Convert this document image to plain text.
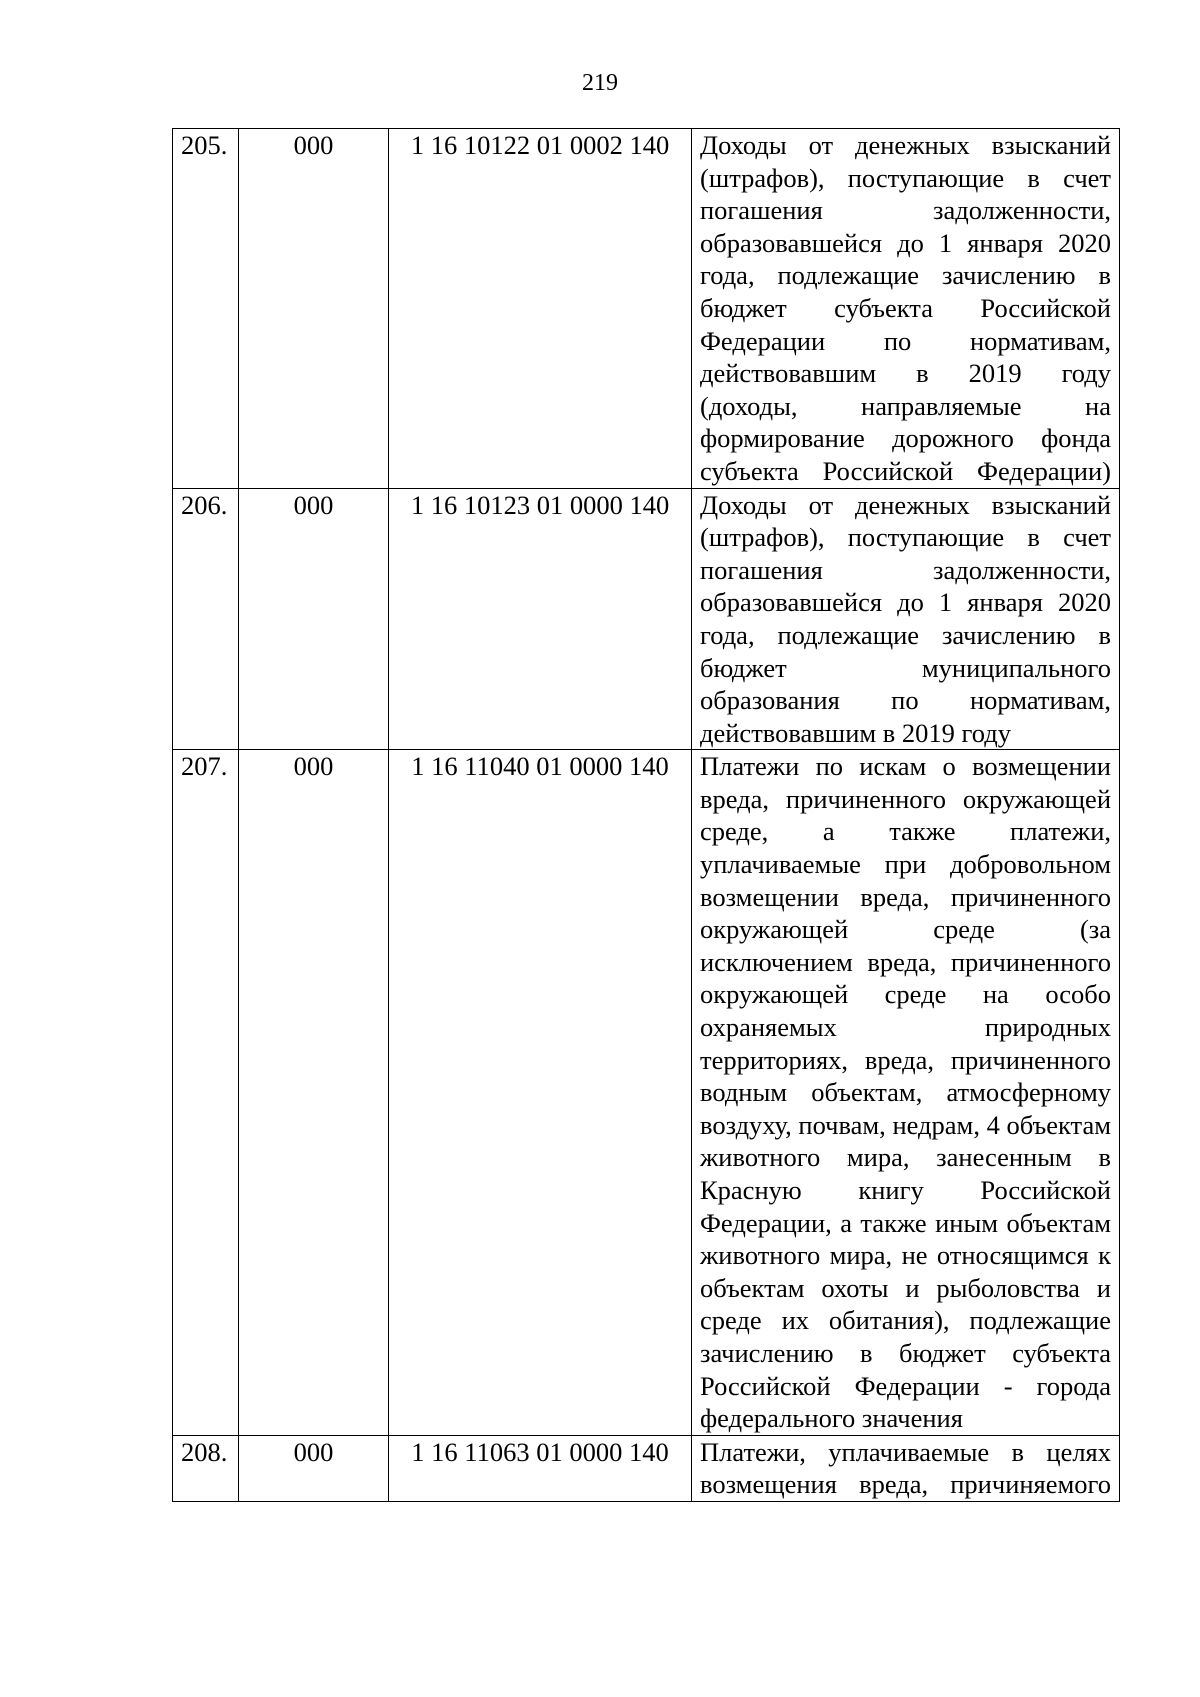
219
205.	000	1 16 10122 01 0002 140	Доходы от денежных взысканий (штрафов), поступающие в счет погашения задолженности, образовавшейся до 1 января 2020 года, подлежащие зачислению в бюджет субъекта Российской Федерации по нормативам, действовавшим в 2019 году (доходы, направляемые на формирование дорожного фонда субъекта Российской Федерации)
206.	000	1 16 10123 01 0000 140	Доходы от денежных взысканий (штрафов), поступающие в счет погашения задолженности, образовавшейся до 1 января 2020 года, подлежащие зачислению в бюджет муниципального образования по нормативам, действовавшим в 2019 году
207.	000	1 16 11040 01 0000 140	Платежи по искам о возмещении вреда, причиненного окружающей среде, а также платежи, уплачиваемые при добровольном возмещении вреда, причиненного окружающей среде (за исключением вреда, причиненного окружающей среде на особо охраняемых природных территориях, вреда, причиненного водным объектам, атмосферному воздуху, почвам, недрам, 4 объектам животного мира, занесенным в Красную книгу Российской Федерации, а также иным объектам животного мира, не относящимся к объектам охоты и рыболовства и среде их обитания), подлежащие зачислению в бюджет субъекта Российской Федерации - города федерального значения
208.	000	1 16 11063 01 0000 140	Платежи, уплачиваемые в целях возмещения вреда, причиняемого
